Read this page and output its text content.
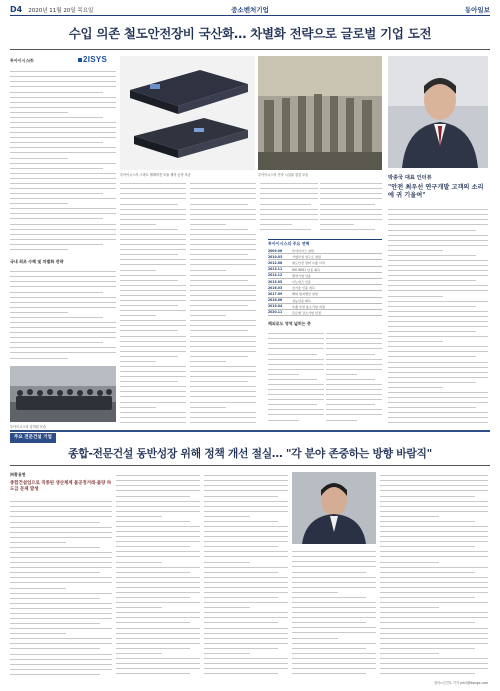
D4 2020년 11월 20일 목요일	중소벤처기업	동아일보
수입 의존 철도안전장비 국산화… 차별화 전략으로 글로벌 기업 도전
투아이시스㈜	2ISYS
국내 최초 수혜 및 차별화 전략
투아이시스의 임직원 모습
투아이시스의 스마트 텔레비전 모듈 제작 공정 모습	투아이시스의 전자 시설물 점검 모습
투아이시스의 주요 연혁
2009.06	투아이시스 설립
2010.03	기업부설 연구소 설립
2012.08	철도안전 장비 수출 시작
2013.11	ISO 9001 인증 획득
2014.12	벤처기업 인증
2015.05	이노비즈 인증
2016.03	신기술 인증 취득
2017.09	해외 현지법인 설립
2018.06	성능인증 획득
2019.04	수출 유망 중소기업 지정
2020.11	글로벌 강소기업 선정
해외로도 영역 넓히는 중
박종국 대표 인터뷰
"안전 최우선 연구개발 고객의 소리에 귀 기울여"
주요 전문건설 기업
종합-전문건설 동반성장 위해 정책 개선 절실… "각 분야 존중하는 방향 바람직"
㈜황용현
종합건설업으로 직종된 생산체계 불공정거래·불량 하도급 문제 발생
정리=김진호 기자 jnh1@donga.com
